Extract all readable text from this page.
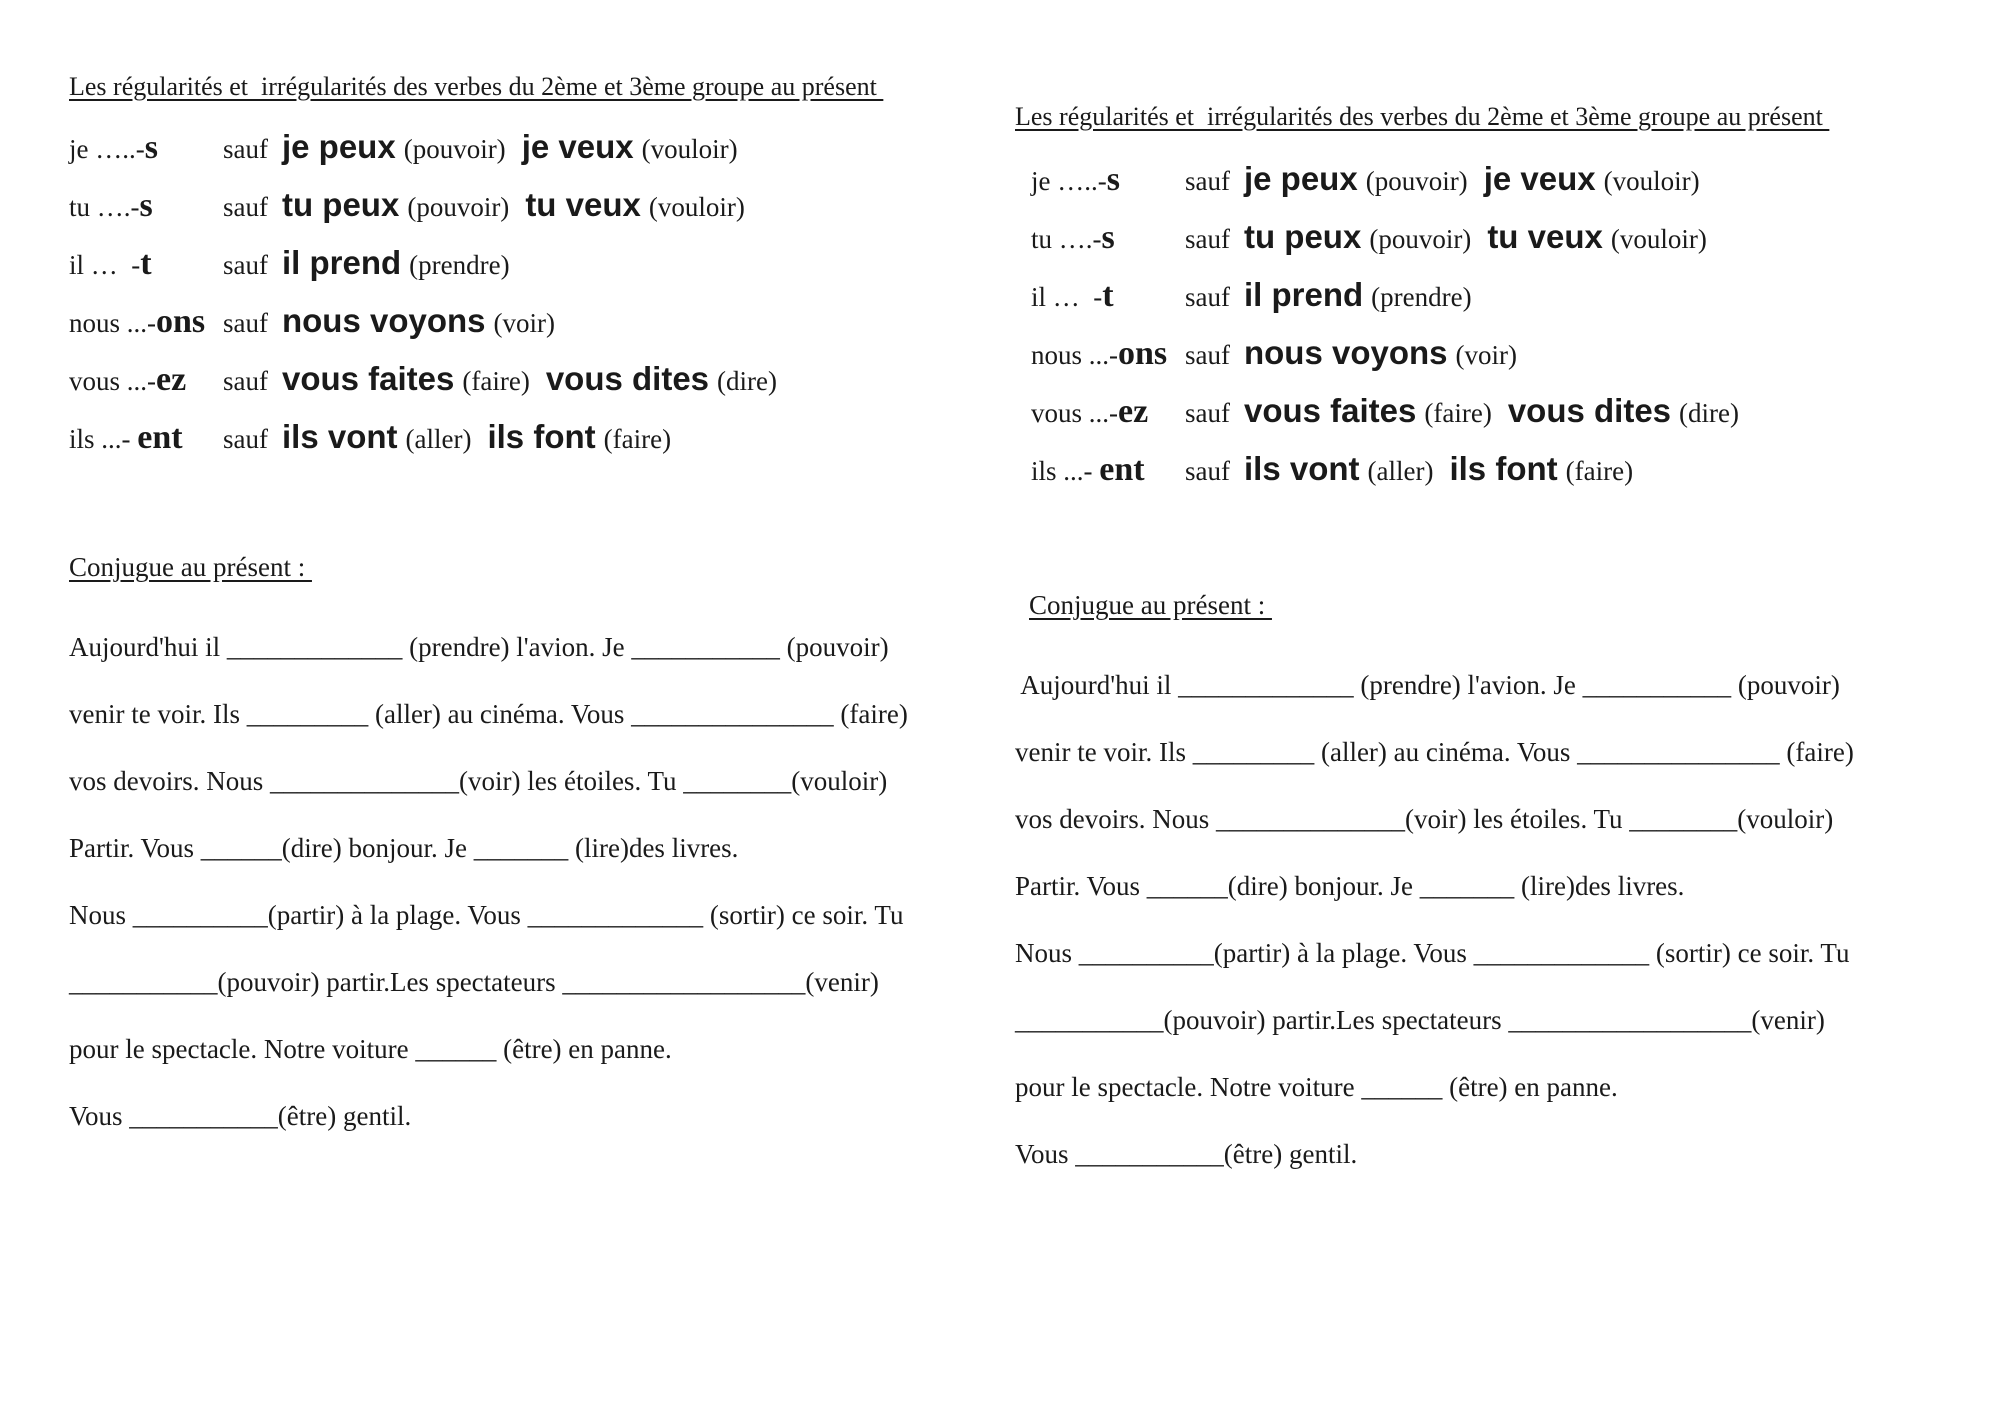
Les régularités et  irrégularités des verbes du 2ème et 3ème groupe au présent
je …..-s	sauf je peux (pouvoir) je veux (vouloir)
tu ….-s	sauf tu peux (pouvoir) tu veux (vouloir)
il …  -t	sauf il prend (prendre)
nous ...-ons sauf nous voyons (voir)
vous ...-ez	sauf vous faites (faire) vous dites (dire)
ils ...- ent	sauf ils vont (aller) ils font (faire)
Conjugue au présent :
Aujourd'hui il _____________ (prendre) l'avion. Je ___________ (pouvoir)
venir te voir. Ils _________ (aller) au cinéma. Vous _______________ (faire)
vos devoirs. Nous ______________(voir) les étoiles. Tu ________(vouloir)
Partir. Vous ______(dire) bonjour. Je _______ (lire)des livres.
Nous __________(partir) à la plage. Vous _____________ (sortir) ce soir. Tu
___________(pouvoir) partir.Les spectateurs __________________(venir)
pour le spectacle. Notre voiture ______ (être) en panne.
Vous ___________(être) gentil.
Les régularités et  irrégularités des verbes du 2ème et 3ème groupe au présent
je …..-s	sauf je peux (pouvoir) je veux (vouloir)
tu ….-s	sauf tu peux (pouvoir) tu veux (vouloir)
il …  -t	sauf il prend (prendre)
nous ...-ons sauf nous voyons (voir)
vous ...-ez	sauf vous faites (faire) vous dites (dire)
ils ...- ent	sauf ils vont (aller) ils font (faire)
Conjugue au présent :
Aujourd'hui il _____________ (prendre) l'avion. Je ___________ (pouvoir)
venir te voir. Ils _________ (aller) au cinéma. Vous _______________ (faire)
vos devoirs. Nous ______________(voir) les étoiles. Tu ________(vouloir)
Partir. Vous ______(dire) bonjour. Je _______ (lire)des livres.
Nous __________(partir) à la plage. Vous _____________ (sortir) ce soir. Tu
___________(pouvoir) partir.Les spectateurs __________________(venir)
pour le spectacle. Notre voiture ______ (être) en panne.
Vous ___________(être) gentil.
